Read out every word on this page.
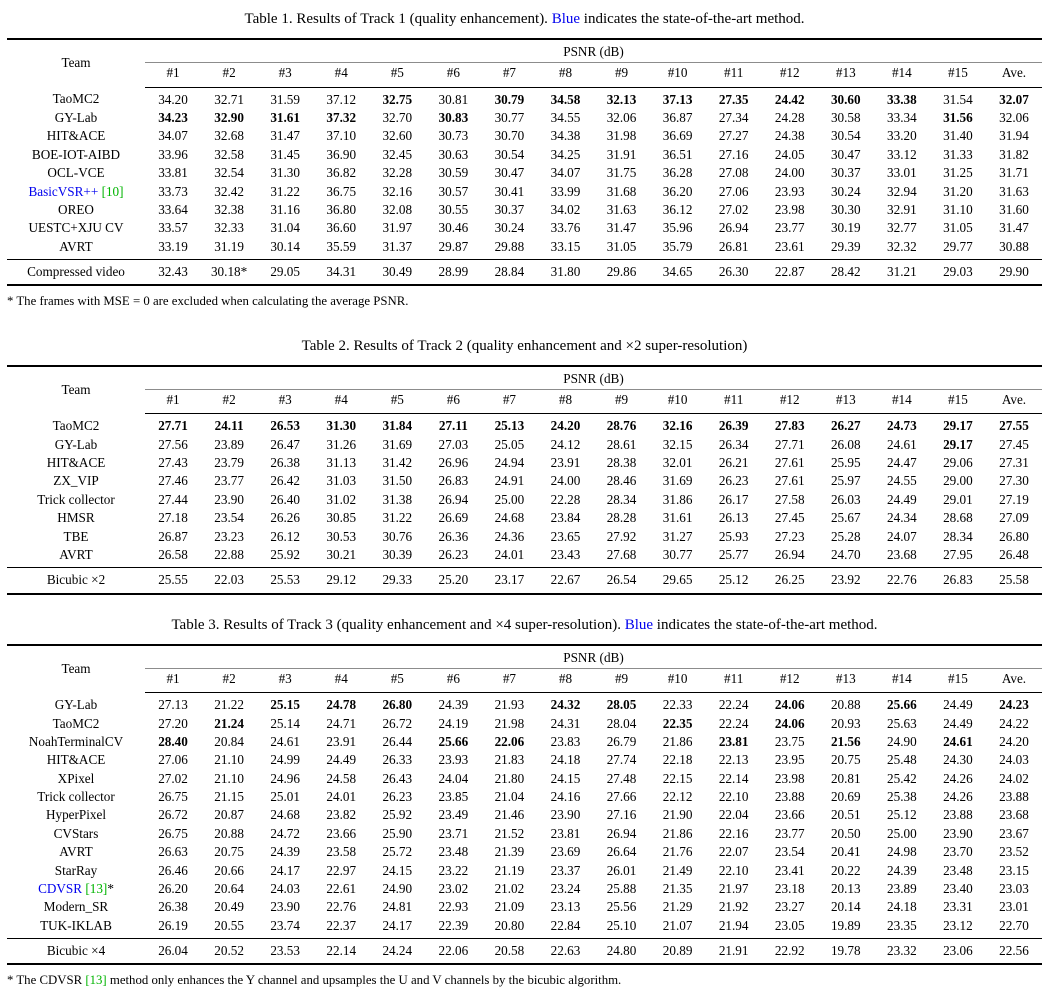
Table 1. Results of Track 1 (quality enhancement). Blue indicates the state-of-the-art method.
Team	PSNR (dB)															
	#1	#2	#3	#4	#5	#6	#7	#8	#9	#10	#11	#12	#13	#14	#15	Ave.
TaoMC2	34.20	32.71	31.59	37.12	32.75	30.81	30.79	34.58	32.13	37.13	27.35	24.42	30.60	33.38	31.54	32.07
GY-Lab	34.23	32.90	31.61	37.32	32.70	30.83	30.77	34.55	32.06	36.87	27.34	24.28	30.58	33.34	31.56	32.06
HIT&ACE	34.07	32.68	31.47	37.10	32.60	30.73	30.70	34.38	31.98	36.69	27.27	24.38	30.54	33.20	31.40	31.94
BOE-IOT-AIBD	33.96	32.58	31.45	36.90	32.45	30.63	30.54	34.25	31.91	36.51	27.16	24.05	30.47	33.12	31.33	31.82
OCL-VCE	33.81	32.54	31.30	36.82	32.28	30.59	30.47	34.07	31.75	36.28	27.08	24.00	30.37	33.01	31.25	31.71
BasicVSR++ [10]	33.73	32.42	31.22	36.75	32.16	30.57	30.41	33.99	31.68	36.20	27.06	23.93	30.24	32.94	31.20	31.63
OREO	33.64	32.38	31.16	36.80	32.08	30.55	30.37	34.02	31.63	36.12	27.02	23.98	30.30	32.91	31.10	31.60
UESTC+XJU CV	33.57	32.33	31.04	36.60	31.97	30.46	30.24	33.76	31.47	35.96	26.94	23.77	30.19	32.77	31.05	31.47
AVRT	33.19	31.19	30.14	35.59	31.37	29.87	29.88	33.15	31.05	35.79	26.81	23.61	29.39	32.32	29.77	30.88
Compressed video	32.43	30.18*	29.05	34.31	30.49	28.99	28.84	31.80	29.86	34.65	26.30	22.87	28.42	31.21	29.03	29.90
* The frames with MSE = 0 are excluded when calculating the average PSNR.
Table 2. Results of Track 2 (quality enhancement and ×2 super-resolution)
Team	PSNR (dB)															
	#1	#2	#3	#4	#5	#6	#7	#8	#9	#10	#11	#12	#13	#14	#15	Ave.
TaoMC2	27.71	24.11	26.53	31.30	31.84	27.11	25.13	24.20	28.76	32.16	26.39	27.83	26.27	24.73	29.17	27.55
GY-Lab	27.56	23.89	26.47	31.26	31.69	27.03	25.05	24.12	28.61	32.15	26.34	27.71	26.08	24.61	29.17	27.45
HIT&ACE	27.43	23.79	26.38	31.13	31.42	26.96	24.94	23.91	28.38	32.01	26.21	27.61	25.95	24.47	29.06	27.31
ZX_VIP	27.46	23.77	26.42	31.03	31.50	26.83	24.91	24.00	28.46	31.69	26.23	27.61	25.97	24.55	29.00	27.30
Trick collector	27.44	23.90	26.40	31.02	31.38	26.94	25.00	22.28	28.34	31.86	26.17	27.58	26.03	24.49	29.01	27.19
HMSR	27.18	23.54	26.26	30.85	31.22	26.69	24.68	23.84	28.28	31.61	26.13	27.45	25.67	24.34	28.68	27.09
TBE	26.87	23.23	26.12	30.53	30.76	26.36	24.36	23.65	27.92	31.27	25.93	27.23	25.28	24.07	28.34	26.80
AVRT	26.58	22.88	25.92	30.21	30.39	26.23	24.01	23.43	27.68	30.77	25.77	26.94	24.70	23.68	27.95	26.48
Bicubic ×2	25.55	22.03	25.53	29.12	29.33	25.20	23.17	22.67	26.54	29.65	25.12	26.25	23.92	22.76	26.83	25.58
Table 3. Results of Track 3 (quality enhancement and ×4 super-resolution). Blue indicates the state-of-the-art method.
Team	PSNR (dB)															
	#1	#2	#3	#4	#5	#6	#7	#8	#9	#10	#11	#12	#13	#14	#15	Ave.
GY-Lab	27.13	21.22	25.15	24.78	26.80	24.39	21.93	24.32	28.05	22.33	22.24	24.06	20.88	25.66	24.49	24.23
TaoMC2	27.20	21.24	25.14	24.71	26.72	24.19	21.98	24.31	28.04	22.35	22.24	24.06	20.93	25.63	24.49	24.22
NoahTerminalCV	28.40	20.84	24.61	23.91	26.44	25.66	22.06	23.83	26.79	21.86	23.81	23.75	21.56	24.90	24.61	24.20
HIT&ACE	27.06	21.10	24.99	24.49	26.33	23.93	21.83	24.18	27.74	22.18	22.13	23.95	20.75	25.48	24.30	24.03
XPixel	27.02	21.10	24.96	24.58	26.43	24.04	21.80	24.15	27.48	22.15	22.14	23.98	20.81	25.42	24.26	24.02
Trick collector	26.75	21.15	25.01	24.01	26.23	23.85	21.04	24.16	27.66	22.12	22.10	23.88	20.69	25.38	24.26	23.88
HyperPixel	26.72	20.87	24.68	23.82	25.92	23.49	21.46	23.90	27.16	21.90	22.04	23.66	20.51	25.12	23.88	23.68
CVStars	26.75	20.88	24.72	23.66	25.90	23.71	21.52	23.81	26.94	21.86	22.16	23.77	20.50	25.00	23.90	23.67
AVRT	26.63	20.75	24.39	23.58	25.72	23.48	21.39	23.69	26.64	21.76	22.07	23.54	20.41	24.98	23.70	23.52
StarRay	26.46	20.66	24.17	22.97	24.15	23.22	21.19	23.37	26.01	21.49	22.10	23.41	20.22	24.39	23.48	23.15
CDVSR [13]*	26.20	20.64	24.03	22.61	24.90	23.02	21.02	23.24	25.88	21.35	21.97	23.18	20.13	23.89	23.40	23.03
Modern_SR	26.38	20.49	23.90	22.76	24.81	22.93	21.09	23.13	25.56	21.29	21.92	23.27	20.14	24.18	23.31	23.01
TUK-IKLAB	26.19	20.55	23.74	22.37	24.17	22.39	20.80	22.84	25.10	21.07	21.94	23.05	19.89	23.35	23.12	22.70
Bicubic ×4	26.04	20.52	23.53	22.14	24.24	22.06	20.58	22.63	24.80	20.89	21.91	22.92	19.78	23.32	23.06	22.56
* The CDVSR [13] method only enhances the Y channel and upsamples the U and V channels by the bicubic algorithm.
